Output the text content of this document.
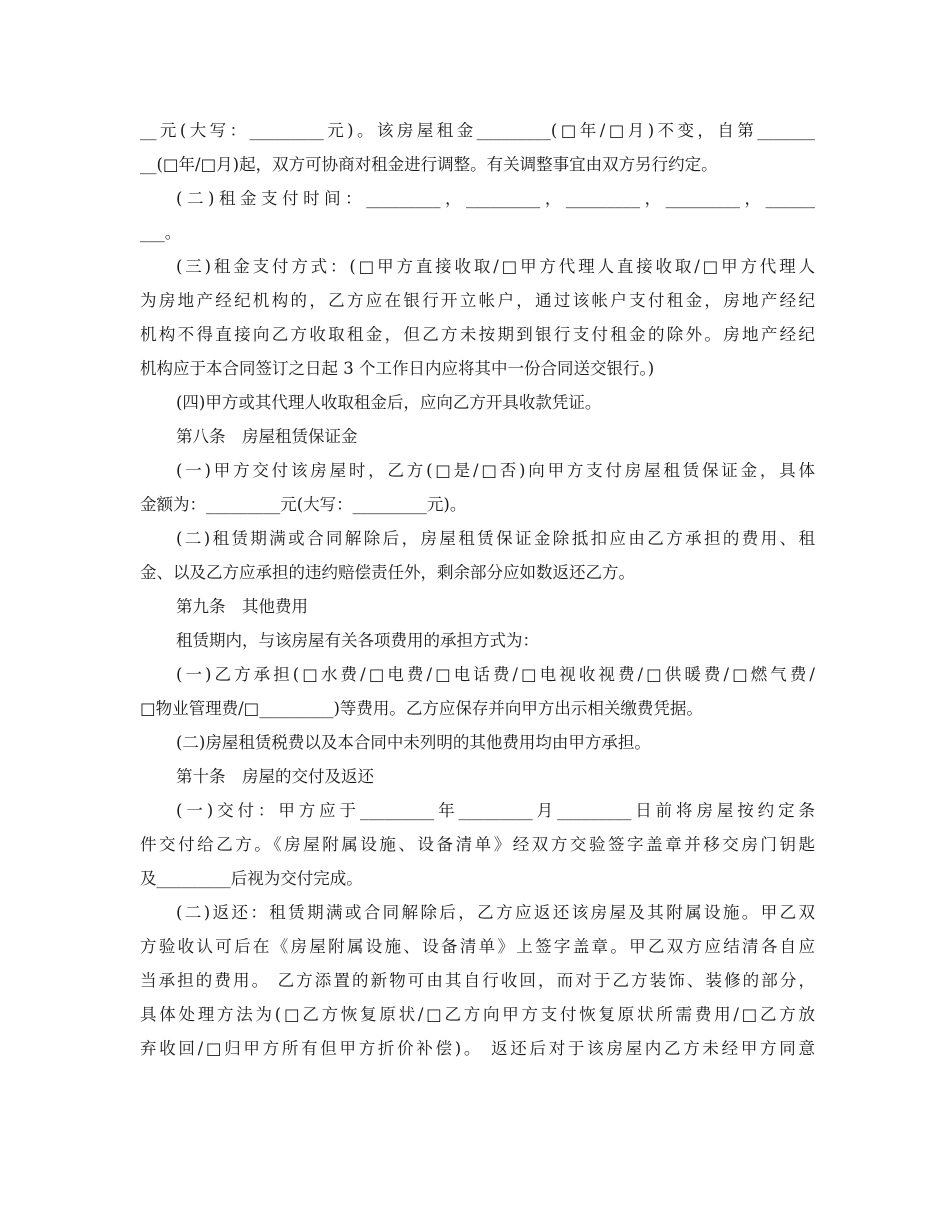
__元(大写：_________元)。该房屋租金_________(□年/□月)不变，自第_______
__(□年/□月)起，双方可协商对租金进行调整。有关调整事宜由双方另行约定。
(二)租金支付时间：_________，_________，_________，_________，______
___。
(三)租金支付方式：(□甲方直接收取/□甲方代理人直接收取/□甲方代理人
为房地产经纪机构的，乙方应在银行开立帐户，通过该帐户支付租金，房地产经纪
机构不得直接向乙方收取租金，但乙方未按期到银行支付租金的除外。房地产经纪
机构应于本合同签订之日起 3 个工作日内应将其中一份合同送交银行。)
(四)甲方或其代理人收取租金后，应向乙方开具收款凭证。
第八条　房屋租赁保证金
(一)甲方交付该房屋时，乙方(□是/□否)向甲方支付房屋租赁保证金，具体
金额为：_________元(大写：_________元)。
(二)租赁期满或合同解除后，房屋租赁保证金除抵扣应由乙方承担的费用、租
金、以及乙方应承担的违约赔偿责任外，剩余部分应如数返还乙方。
第九条　其他费用
租赁期内，与该房屋有关各项费用的承担方式为：
(一)乙方承担(□水费/□电费/□电话费/□电视收视费/□供暖费/□燃气费/
□物业管理费/□_________)等费用。乙方应保存并向甲方出示相关缴费凭据。
(二)房屋租赁税费以及本合同中未列明的其他费用均由甲方承担。
第十条　房屋的交付及返还
(一)交付：甲方应于_________年_________月_________日前将房屋按约定条
件交付给乙方。《房屋附属设施、设备清单》经双方交验签字盖章并移交房门钥匙
及_________后视为交付完成。
(二)返还：租赁期满或合同解除后，乙方应返还该房屋及其附属设施。甲乙双
方验收认可后在《房屋附属设施、设备清单》上签字盖章。甲乙双方应结清各自应
当承担的费用。 乙方添置的新物可由其自行收回，而对于乙方装饰、装修的部分，
具体处理方法为(□乙方恢复原状/□乙方向甲方支付恢复原状所需费用/□乙方放
弃收回/□归甲方所有但甲方折价补偿)。 返还后对于该房屋内乙方未经甲方同意
